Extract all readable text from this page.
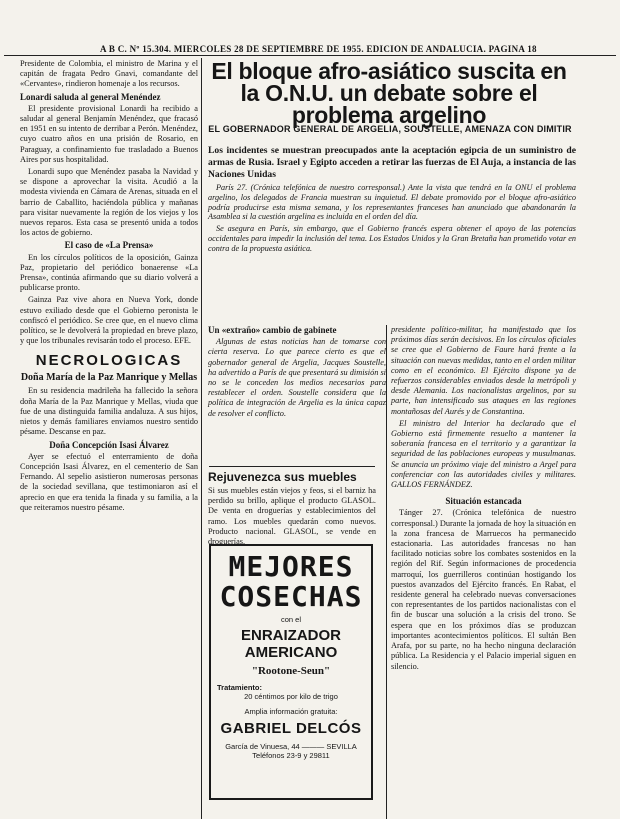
A B C. Nº 15.304. MIERCOLES 28 DE SEPTIEMBRE DE 1955. EDICION DE ANDALUCIA. PAGINA 18

Presidente de Colombia, el ministro de Marina y el capitán de fragata Pedro Gnavi, comandante del «Cervantes», rindieron homenaje a los recursos.

Lonardi saluda al general Menéndez

El presidente provisional Lonardi ha recibido a saludar al general Benjamín Menéndez, que fracasó en 1951 en su intento de derribar a Perón. Menéndez, cuyo cuatro años en una prisión de Rosario, en Paraguay, a confinamiento fue trasladado a Buenos Aires por sus hospitalidad.

Lonardi supo que Menéndez pasaba la Navidad y se dispone a aprovechar la visita. Acudió a la modesta vivienda en Cámara de Arenas, situada en el barrio de Caballito, haciéndola pública y mañanas para visitar nuevamente la región de los viejos y los nuevos reparos. Esta casa se presentó unida a todos los actos de gobierno.

El caso de «La Prensa»

En los círculos políticos de la oposición, Gainza Paz, propietario del periódico bonaerense «La Prensa», continúa afirmando que su diario volverá a publicarse pronto.

Gainza Paz vive ahora en Nueva York, donde estuvo exiliado desde que el Gobierno peronista le confiscó el periódico. Se cree que, en el nuevo clima político, se le devolverá la propiedad en breve plazo, y que los tribunales revisarán todo el proceso. EFE.

NECROLOGICAS

Doña María de la Paz Manrique y Mellas

En su residencia madrileña ha fallecido la señora doña María de la Paz Manrique y Mellas, viuda que fue de una distinguida familia andaluza. A sus hijos, nietos y demás familiares enviamos nuestro sentido pésame. Descanse en paz.

Doña Concepción Isasi Álvarez

Ayer se efectuó el enterramiento de doña Concepción Isasi Álvarez, en el cementerio de San Fernando. Al sepelio asistieron numerosas personas de la sociedad sevillana, que testimoniaron así el aprecio en que era tenida la finada y su familia, a la que reiteramos nuestro pésame.

El bloque afro-asiático suscita en la O.N.U. un debate sobre el problema argelino
EL GOBERNADOR GENERAL DE ARGELIA, SOUSTELLE, AMENAZA CON DIMITIR
Los incidentes se muestran preocupados ante la aceptación egipcia de un suministro de armas de Rusia. Israel y Egipto acceden a retirar las fuerzas de El Auja, a instancia de las Naciones Unidas

París 27. (Crónica telefónica de nuestro corresponsal.) Ante la vista que tendrá en la ONU el problema argelino, los delegados de Francia muestran su inquietud. El debate promovido por el bloque afro-asiático podría producirse esta misma semana, y los representantes franceses han anunciado que abandonarán la Asamblea si la cuestión argelina es incluida en el orden del día.

Se asegura en París, sin embargo, que el Gobierno francés espera obtener el apoyo de las potencias occidentales para impedir la inclusión del tema. Los Estados Unidos y la Gran Bretaña han prometido votar en contra de la propuesta asiática.

Un «extraño» cambio de gabinete

Algunas de estas noticias han de tomarse con cierta reserva. Lo que parece cierto es que el gobernador general de Argelia, Jacques Soustelle, ha advertido a París de que presentará su dimisión si no se le conceden los medios necesarios para restablecer el orden. Soustelle considera que la política de integración de Argelia es la única capaz de resolver el conflicto.

Rejuvenezca sus muebles

Si sus muebles están viejos y feos, si el barniz ha perdido su brillo, aplique el producto GLASOL. De venta en droguerías y establecimientos del ramo. Los muebles quedarán como nuevos. Producto nacional. GLASOL, se vende en droguerías.

MEJORES
COSECHAS
con el
ENRAIZADOR
AMERICANO
"Rootone-Seun"
Tratamiento:
20 céntimos por kilo de trigo
Amplia información gratuita:
GABRIEL DELCÓS
García de Vinuesa, 44 ——— SEVILLA
Teléfonos 23-9 y 29811

presidente político-militar, ha manifestado que los próximos días serán decisivos. En los círculos oficiales se cree que el Gobierno de Faure hará frente a la situación con nuevas medidas, tanto en el orden militar como en el económico. El Ejército dispone ya de refuerzos considerables enviados desde la metrópoli y desde Alemania. Los nacionalistas argelinos, por su parte, han intensificado sus ataques en las regiones montañosas del Aurés y de Constantina.

El ministro del Interior ha declarado que el Gobierno está firmemente resuelto a mantener la soberanía francesa en el territorio y a garantizar la seguridad de las poblaciones europeas y musulmanas. Se anuncia un próximo viaje del ministro a Argel para conferenciar con las autoridades civiles y militares. GALLOS FERNÁNDEZ.

Situación estancada

Tánger 27. (Crónica telefónica de nuestro corresponsal.) Durante la jornada de hoy la situación en la zona francesa de Marruecos ha permanecido estacionaria. Las autoridades francesas no han facilitado noticias sobre los combates sostenidos en la región del Rif. Según informaciones de procedencia marroquí, los guerrilleros continúan hostigando los puestos avanzados del Ejército francés. En Rabat, el residente general ha celebrado nuevas conversaciones con representantes de los partidos nacionalistas con el fin de buscar una solución a la crisis del trono. Se espera que en los próximos días se produzcan importantes acontecimientos políticos. El sultán Ben Arafa, por su parte, no ha hecho ninguna declaración pública. La Residencia y el Palacio imperial siguen en silencio.
